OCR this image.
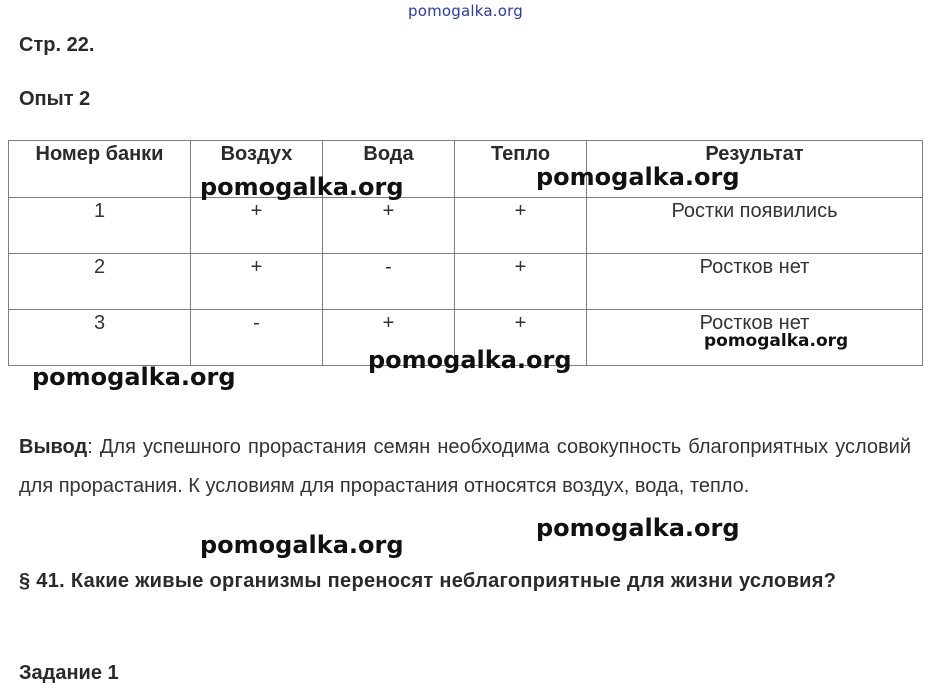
pomogalka.org
Стр. 22.
Опыт 2
Номер банки	Воздух	Вода	Тепло	Результат
1	+	+	+	Ростки появились
2	+	-	+	Ростков нет
3	-	+	+	Ростков нет
Вывод: Для успешного прорастания семян необходима совокупность благоприятных условий для прорастания. К условиям для прорастания относятся воздух, вода, тепло.
§ 41. Какие живые организмы переносят неблагоприятные для жизни условия?
Задание 1
pomogalka.org	pomogalka.org
pomogalka.org
pomogalka.org
pomogalka.org
pomogalka.org
pomogalka.org
